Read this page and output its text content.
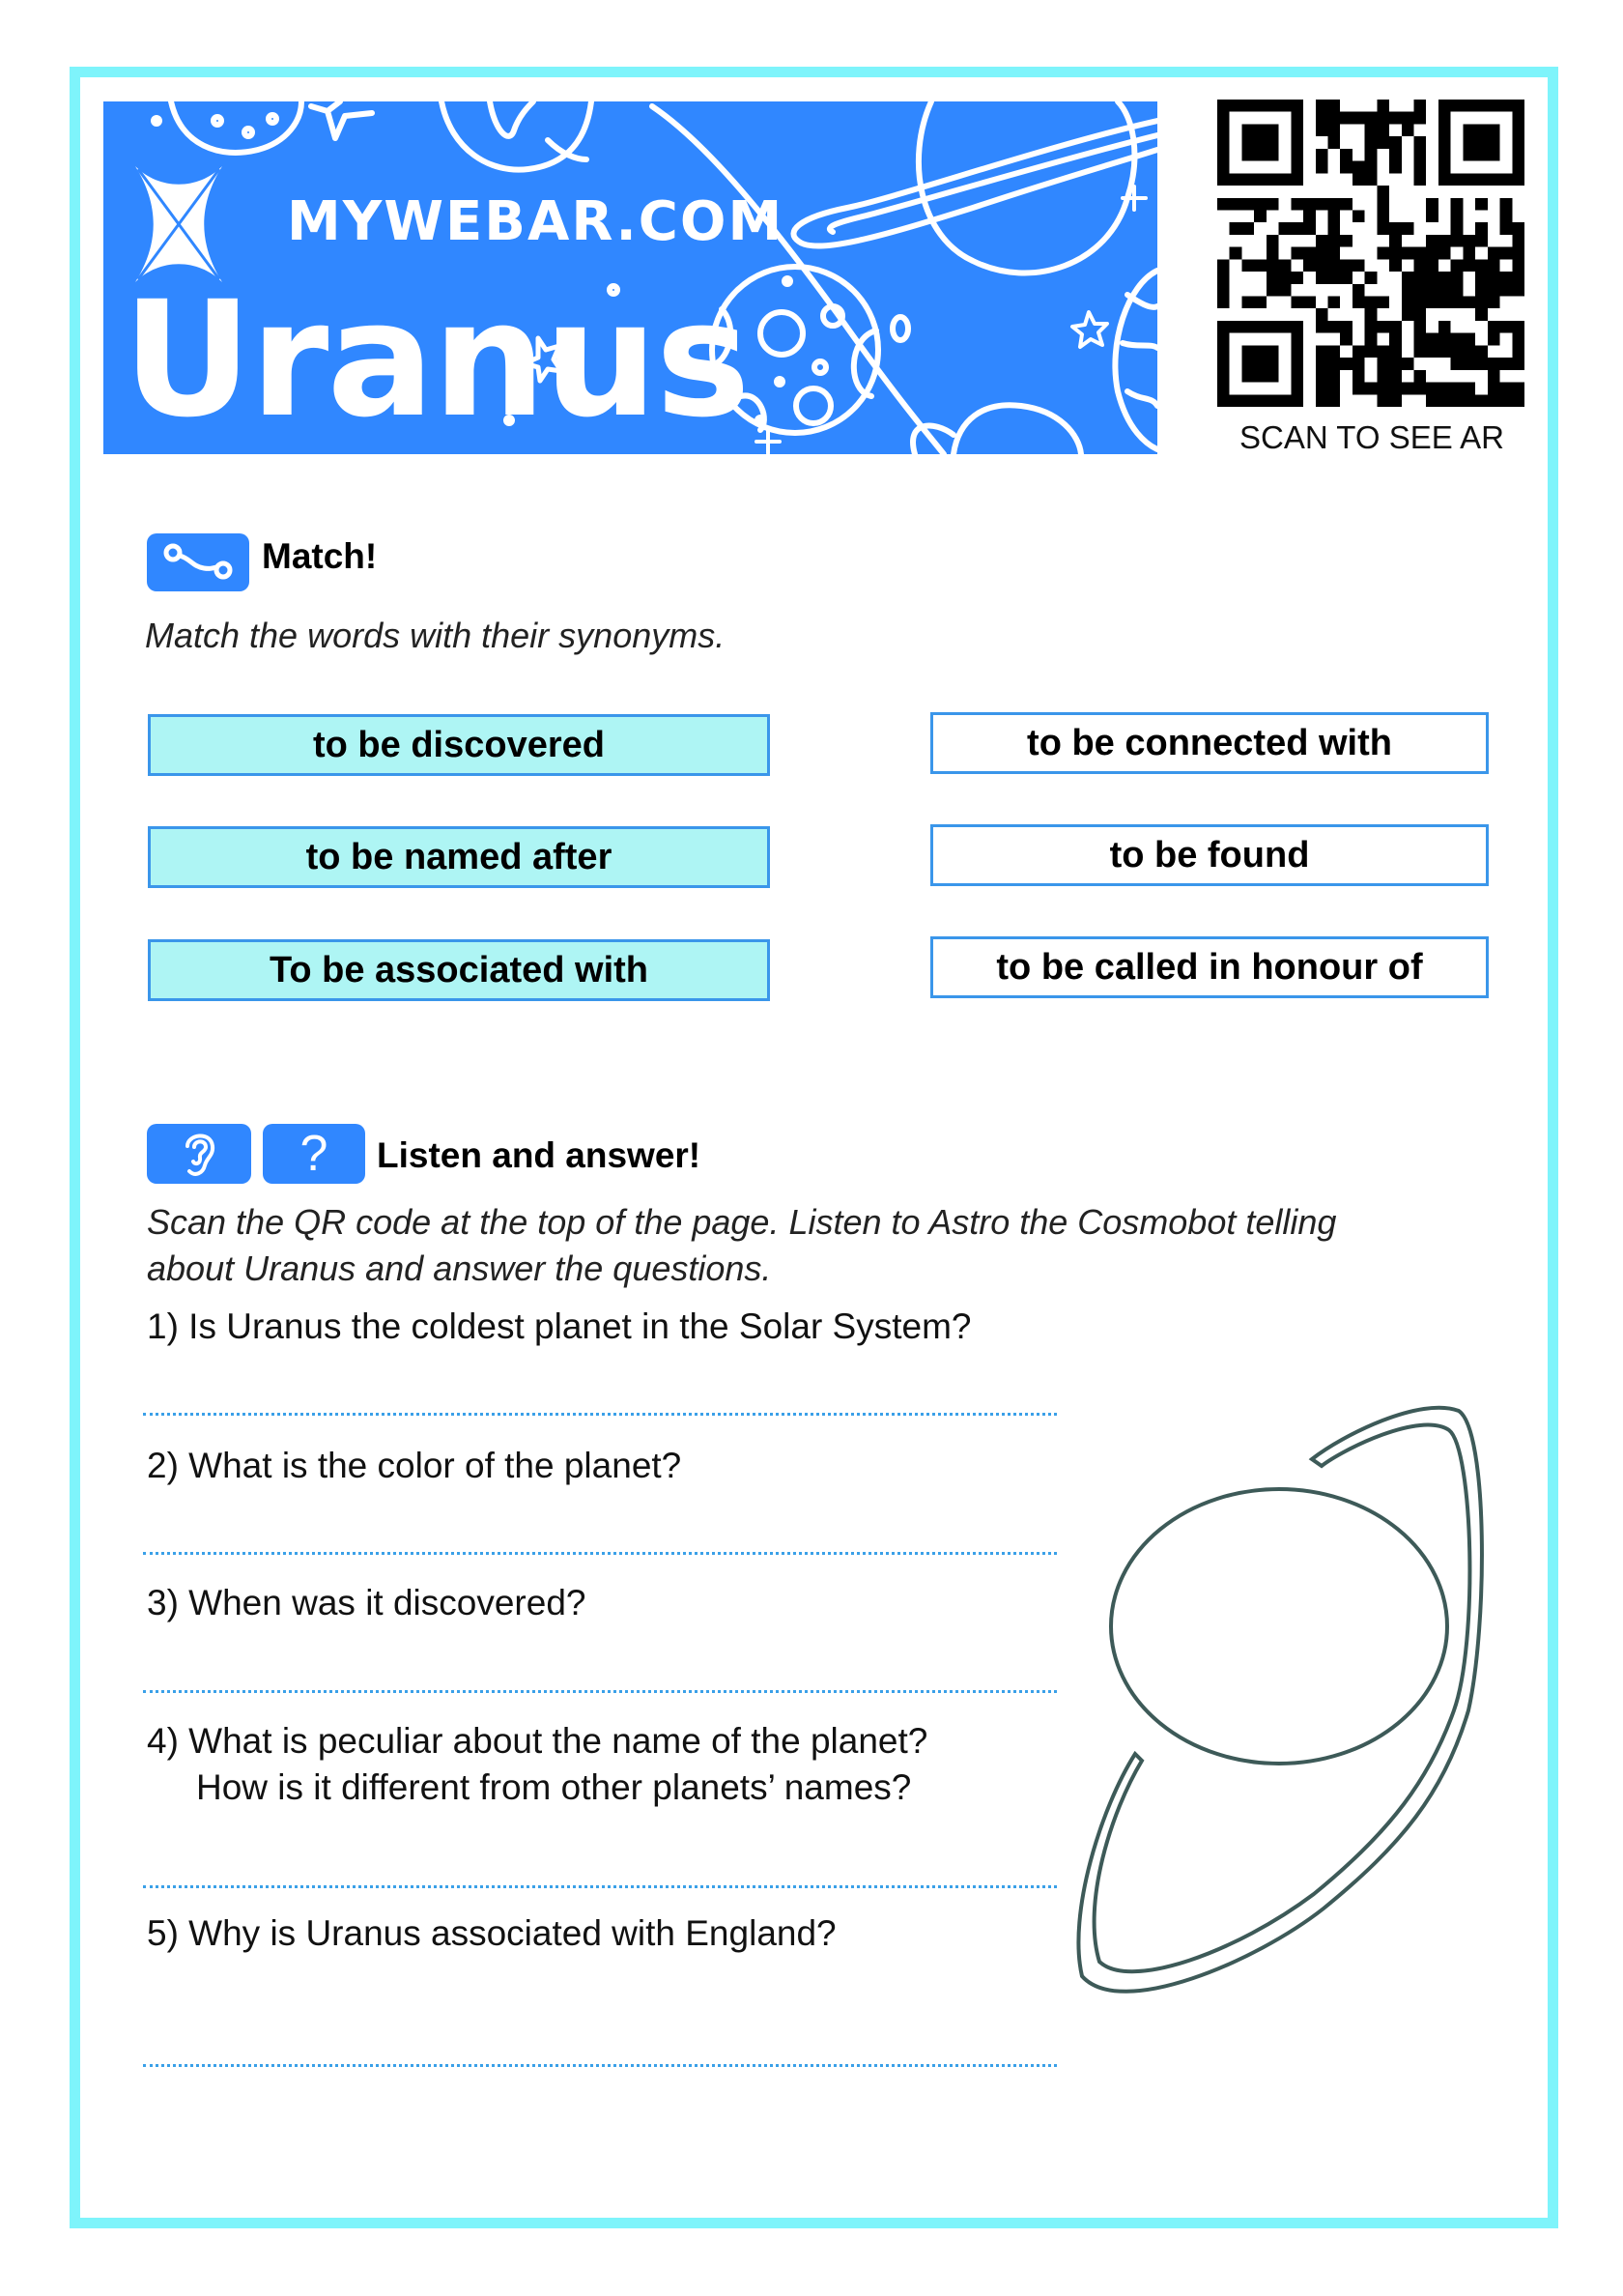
MYWEBAR.COM
Uranus	SCAN TO SEE AR
Match!
Match the words with their synonyms.
to be discovered
to be named after
To be associated with
to be connected with
to be found
to be called in honour of
? Listen and answer!
Scan the QR code at the top of the page. Listen to Astro the Cosmobot telling
about Uranus and answer the questions.
1) Is Uranus the coldest planet in the Solar System?
2) What is the color of the planet?
3) When was it discovered?
4) What is peculiar about the name of the planet?
How is it different from other planets’ names?
5) Why is Uranus associated with England?
